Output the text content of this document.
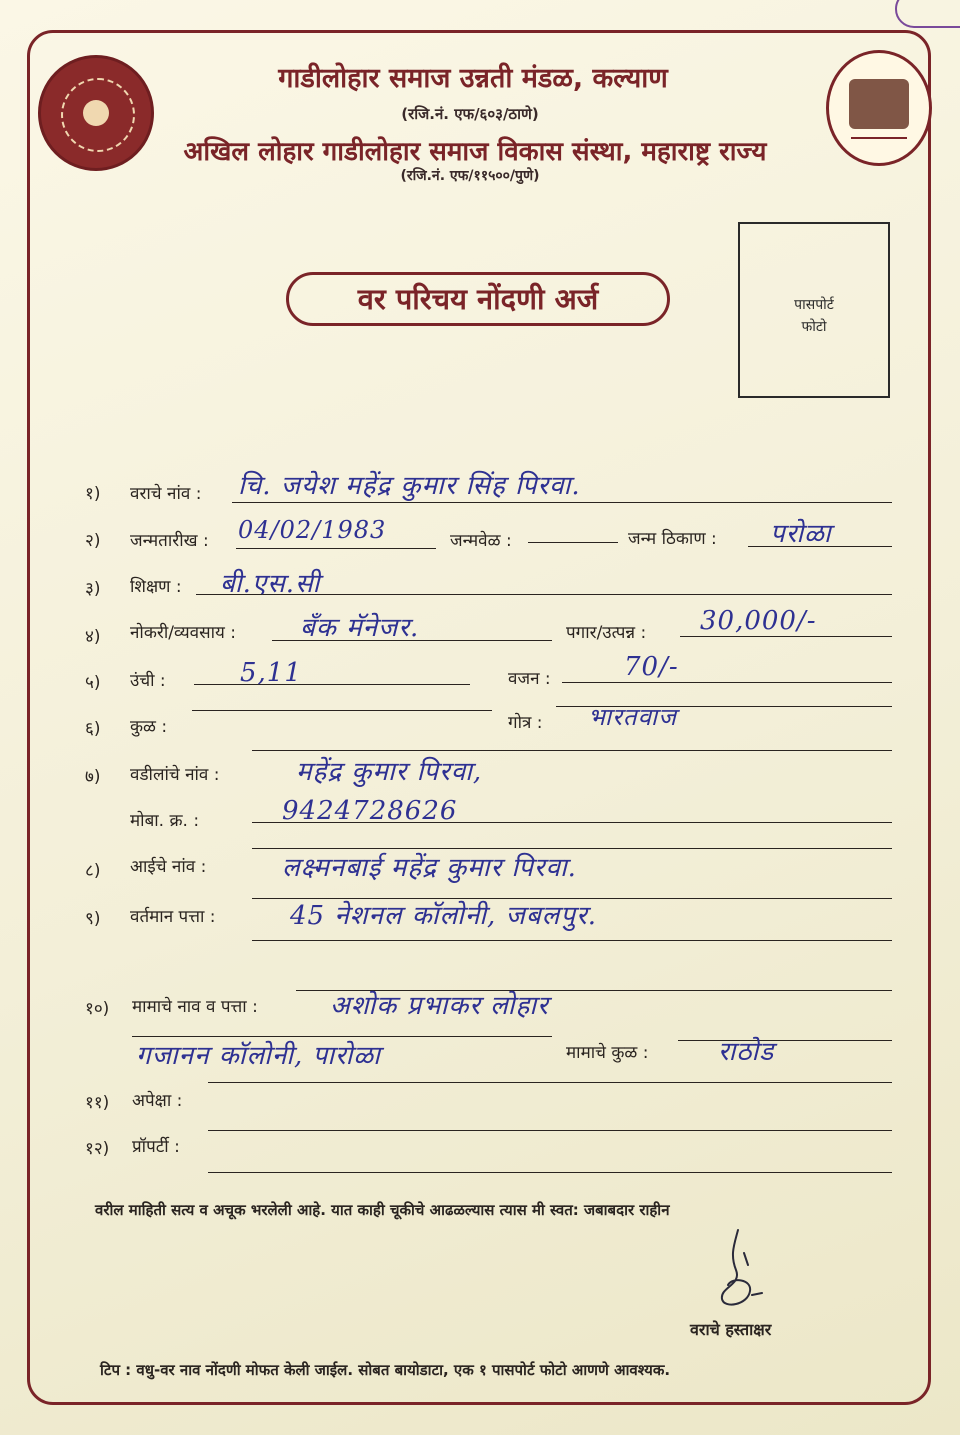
गाडीलोहार समाज उन्नती मंडळ, कल्याण
(रजि.नं. एफ/६०३/ठाणे)
अखिल लोहार गाडीलोहार समाज विकास संस्था, महाराष्ट्र राज्य
(रजि.नं. एफ/११५००/पुणे)
वर परिचय नोंदणी अर्ज	पासपोर्ट
फोटो
१) वराचे नांव : चि. जयेश महेंद्र कुमार सिंह पिरवा.
२) जन्मतारीख : 04/02/1983	जन्मवेळ :	जन्म ठिकाण : परोळा
३) शिक्षण : बी.एस.सी
४) नोकरी/व्यवसाय : बँक मॅनेजर.	पगार/उत्पन्न : 30,000/-
५) उंची :	5,11	वजन :	70/-
६) कुळ :	गोत्र : भारतवाज
७) वडीलांचे नांव :	महेंद्र कुमार पिरवा,
मोबा. क्र. :	9424728626
८) आईचे नांव :	लक्ष्मनबाई महेंद्र कुमार पिरवा.
९) वर्तमान पत्ता :	45 नेशनल कॉलोनी, जबलपुर.
१०) मामाचे नाव व पत्ता :	अशोक प्रभाकर लोहार
गजानन कॉलोनी, पारोळा	मामाचे कुळ :	राठोड
११) अपेक्षा :
१२) प्रॉपर्टी :
वरील माहिती सत्य व अचूक भरलेली आहे. यात काही चूकीचे आढळल्यास त्यास मी स्वत: जबाबदार राहीन
वराचे हस्ताक्षर
टिप : वधु-वर नाव नोंदणी मोफत केली जाईल. सोबत बायोडाटा, एक १ पासपोर्ट फोटो आणणे आवश्यक.
